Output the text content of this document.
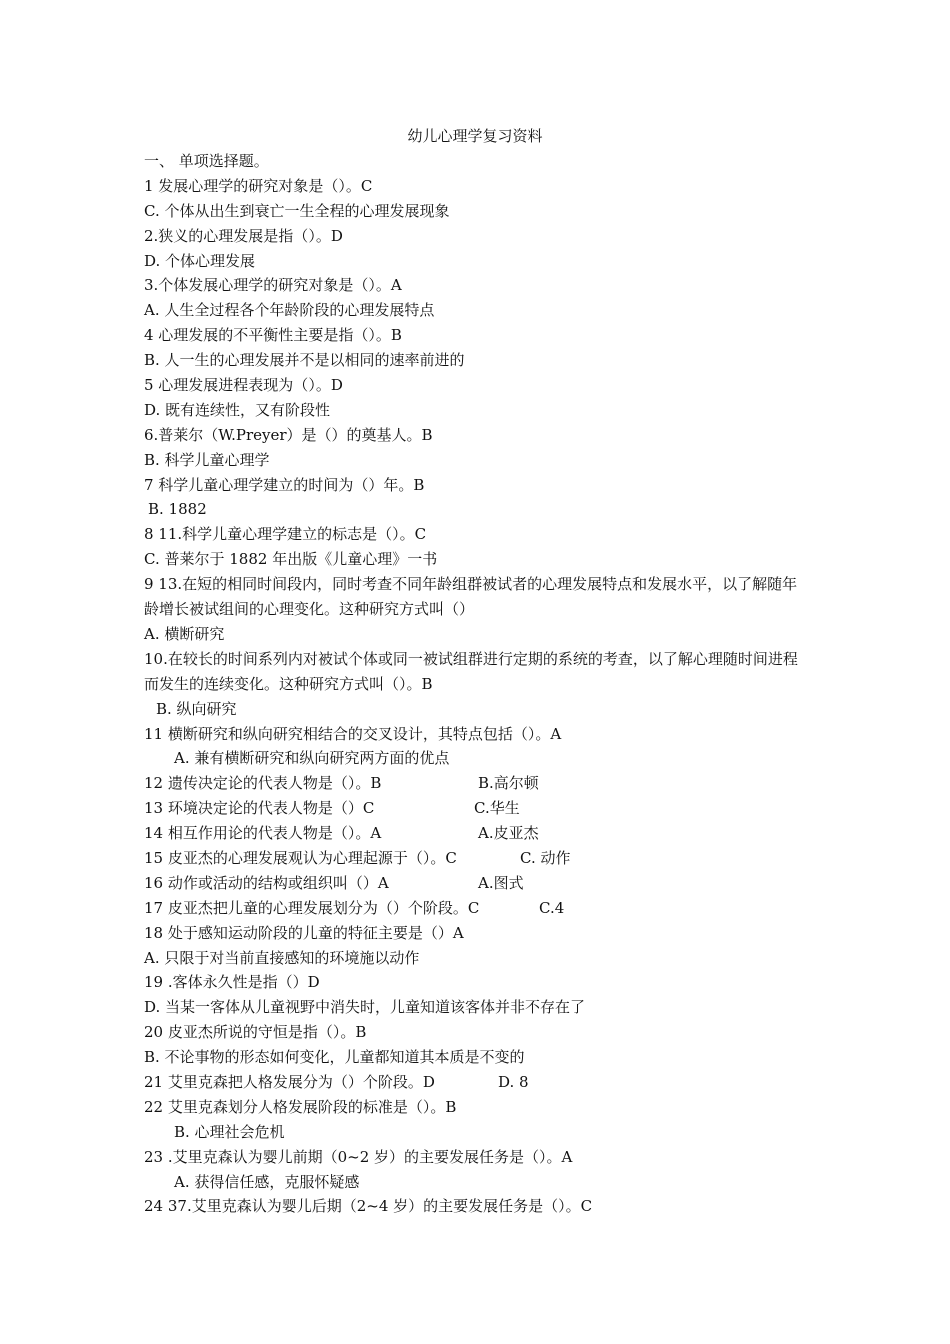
幼儿心理学复习资料
一、 单项选择题。
1 发展心理学的研究对象是（）。C
C. 个体从出生到衰亡一生全程的心理发展现象
2.狭义的心理发展是指（）。D
D. 个体心理发展
3.个体发展心理学的研究对象是（）。A
A. 人生全过程各个年龄阶段的心理发展特点
4 心理发展的不平衡性主要是指（）。B
B. 人一生的心理发展并不是以相同的速率前进的
5 心理发展进程表现为（）。D
D. 既有连续性，又有阶段性
6.普莱尔（W.Preyer）是（）的奠基人。B
B. 科学儿童心理学
7 科学儿童心理学建立的时间为（）年。B
B. 1882
8 11.科学儿童心理学建立的标志是（）。C
C. 普莱尔于 1882 年出版《儿童心理》一书
9 13.在短的相同时间段内，同时考查不同年龄组群被试者的心理发展特点和发展水平，以了解随年龄增长被试组间的心理变化。这种研究方式叫（）
A. 横断研究
10.在较长的时间系列内对被试个体或同一被试组群进行定期的系统的考查，以了解心理随时间进程而发生的连续变化。这种研究方式叫（）。B
B. 纵向研究
11 横断研究和纵向研究相结合的交叉设计，其特点包括（）。A
A. 兼有横断研究和纵向研究两方面的优点
12 遗传决定论的代表人物是（）。B	B.高尔顿
13 环境决定论的代表人物是（）C	C.华生
14 相互作用论的代表人物是（）。A	A.皮亚杰
15 皮亚杰的心理发展观认为心理起源于（）。C	C. 动作
16 动作或活动的结构或组织叫（）A	A.图式
17 皮亚杰把儿童的心理发展划分为（）个阶段。C	C.4
18 处于感知运动阶段的儿童的特征主要是（）A
A. 只限于对当前直接感知的环境施以动作
19 .客体永久性是指（）D
D. 当某一客体从儿童视野中消失时，儿童知道该客体并非不存在了
20 皮亚杰所说的守恒是指（）。B
B. 不论事物的形态如何变化，儿童都知道其本质是不变的
21 艾里克森把人格发展分为（）个阶段。D	D. 8
22 艾里克森划分人格发展阶段的标准是（）。B
B. 心理社会危机
23 .艾里克森认为婴儿前期（0~2 岁）的主要发展任务是（）。A
A. 获得信任感，克服怀疑感
24 37.艾里克森认为婴儿后期（2~4 岁）的主要发展任务是（）。C
